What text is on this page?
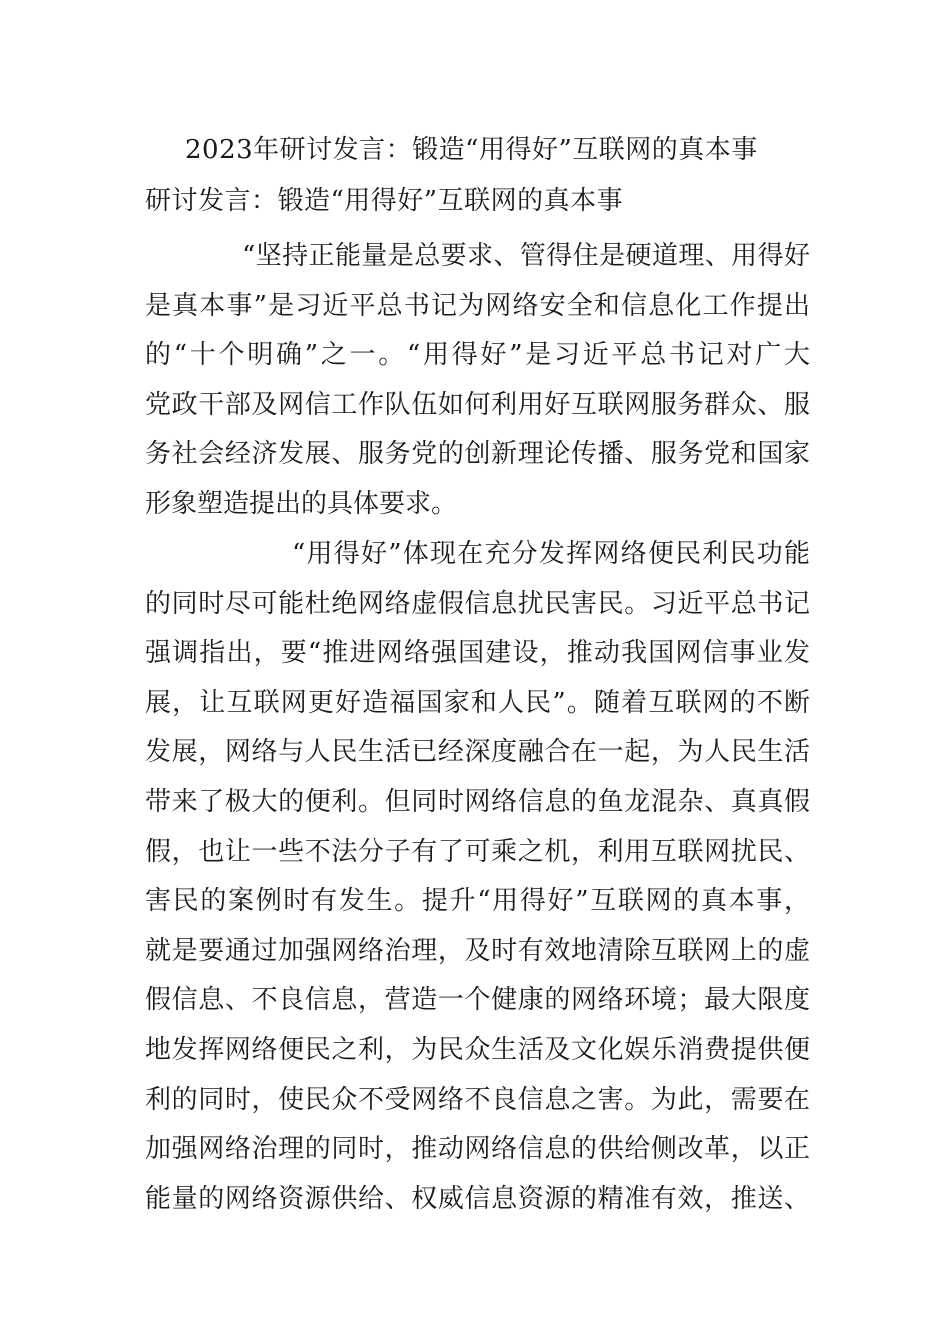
2023年研讨发言：锻造“用得好”互联网的真本事
研讨发言：锻造“用得好”互联网的真本事
“坚持正能量是总要求、管得住是硬道理、用得好
是真本事”是习近平总书记为网络安全和信息化工作提出
的“十个明确”之一。“用得好”是习近平总书记对广大
党政干部及网信工作队伍如何利用好互联网服务群众、服
务社会经济发展、服务党的创新理论传播、服务党和国家
形象塑造提出的具体要求。
“用得好”体现在充分发挥网络便民利民功能
的同时尽可能杜绝网络虚假信息扰民害民。习近平总书记
强调指出，要“推进网络强国建设，推动我国网信事业发
展，让互联网更好造福国家和人民”。随着互联网的不断
发展，网络与人民生活已经深度融合在一起，为人民生活
带来了极大的便利。但同时网络信息的鱼龙混杂、真真假
假，也让一些不法分子有了可乘之机，利用互联网扰民、
害民的案例时有发生。提升“用得好”互联网的真本事，
就是要通过加强网络治理，及时有效地清除互联网上的虚
假信息、不良信息，营造一个健康的网络环境；最大限度
地发挥网络便民之利，为民众生活及文化娱乐消费提供便
利的同时，使民众不受网络不良信息之害。为此，需要在
加强网络治理的同时，推动网络信息的供给侧改革，以正
能量的网络资源供给、权威信息资源的精准有效，推送、
